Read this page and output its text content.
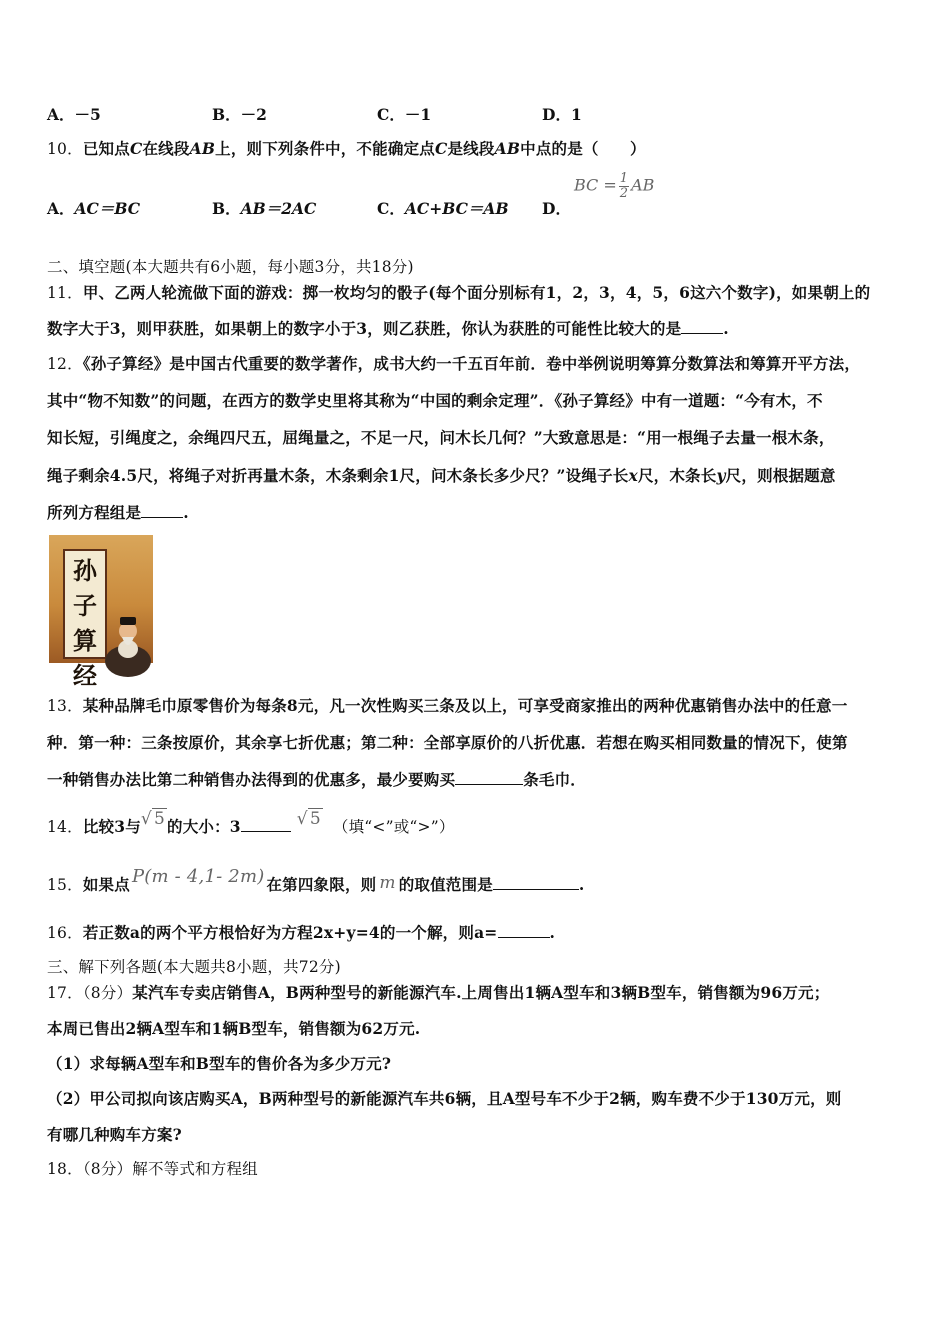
A．－5	B．－2	C．－1	D．1
10．已知点C在线段AB上，则下列条件中，不能确定点C是线段AB中点的是（　　）
A．AC＝BC	B．AB＝2AC	C．AC+BC＝AB D．
BC = $\frac{1}{2}$ AB
二、填空题(本大题共有6小题，每小题3分，共18分)
11．甲、乙两人轮流做下面的游戏：掷一枚均匀的骰子(每个面分别标有1，2，3，4，5，6这六个数字)，如果朝上的
数字大于3，则甲获胜，如果朝上的数字小于3，则乙获胜，你认为获胜的可能性比较大的是	.
12．《孙子算经》是中国古代重要的数学著作，成书大约一千五百年前．卷中举例说明筹算分数算法和筹算开平方法，
其中“物不知数”的问题，在西方的数学史里将其称为“中国的剩余定理”．《孙子算经》中有一道题：“今有木，不
知长短，引绳度之，余绳四尺五，屈绳量之，不足一尺，问木长几何？”大致意思是：“用一根绳子去量一根木条，
绳子剩余4.5尺，将绳子对折再量木条，木条剩余1尺，问木条长多少尺？”设绳子长x尺，木条长y尺，则根据题意
所列方程组是	.
孙
子
算
经
13．某种品牌毛巾原零售价为每条8元，凡一次性购买三条及以上，可享受商家推出的两种优惠销售办法中的任意一
种．第一种：三条按原价，其余享七折优惠；第二种：全部享原价的八折优惠．若想在购买相同数量的情况下，使第
一种销售办法比第二种销售办法得到的优惠多，最少要购买	条毛巾．
14．比较3与√ 5 的大小：3	√ 5 （填“<”或“>”）
15．如果点 P(m - 4,1- 2m) 在第四象限，则 m 的取值范围是	.
16．若正数a的两个平方根恰好为方程2x+y=4的一个解，则a=	.
三、解下列各题(本大题共8小题，共72分)
17．（8分）某汽车专卖店销售A，B两种型号的新能源汽车.上周售出1辆A型车和3辆B型车，销售额为96万元；
本周已售出2辆A型车和1辆B型车，销售额为62万元.
（1）求每辆A型车和B型车的售价各为多少万元?
（2）甲公司拟向该店购买A，B两种型号的新能源汽车共6辆，且A型号车不少于2辆，购车费不少于130万元，则
有哪几种购车方案?
18．（8分）解不等式和方程组
